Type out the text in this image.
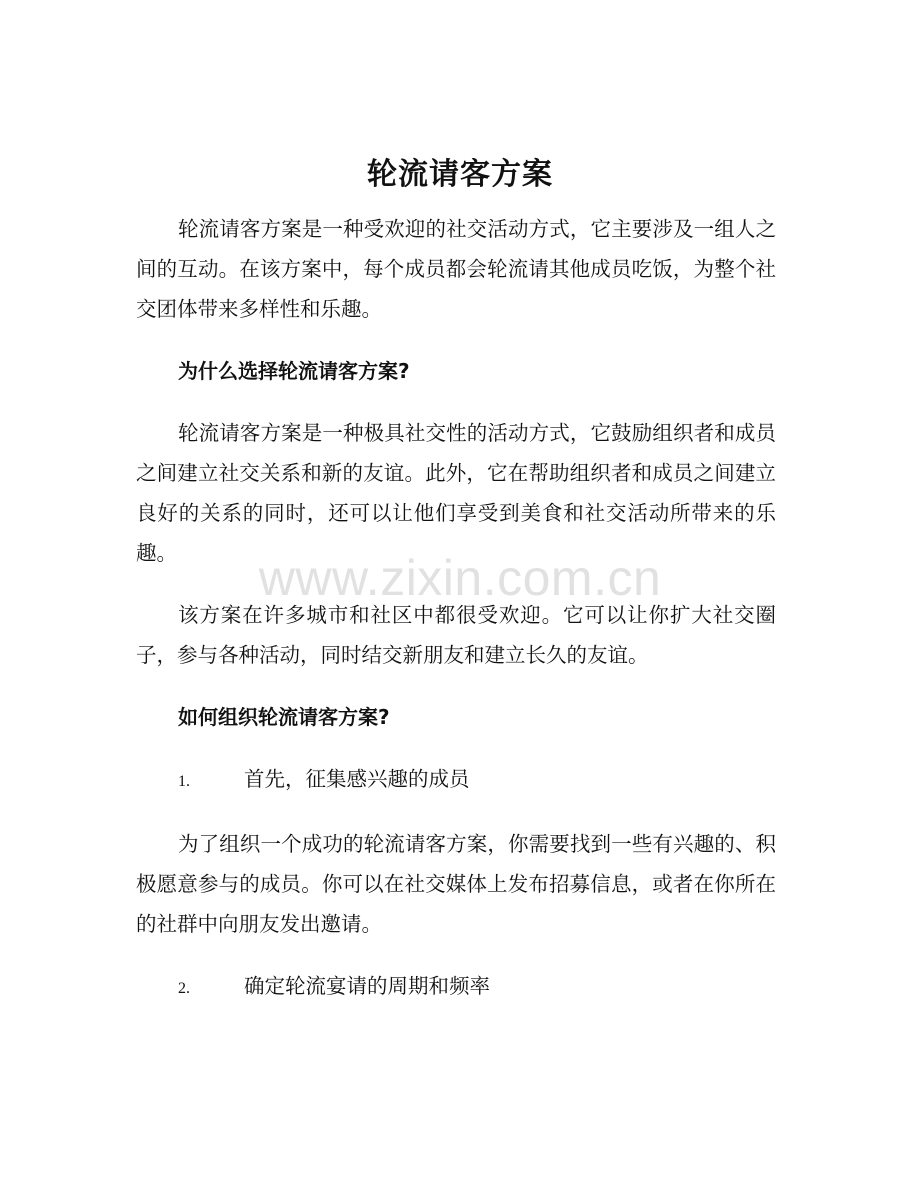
轮流请客方案

轮流请客方案是一种受欢迎的社交活动方式，它主要涉及一组人之间的互动。在该方案中，每个成员都会轮流请其他成员吃饭，为整个社交团体带来多样性和乐趣。

为什么选择轮流请客方案?

轮流请客方案是一种极具社交性的活动方式，它鼓励组织者和成员之间建立社交关系和新的友谊。此外，它在帮助组织者和成员之间建立良好的关系的同时，还可以让他们享受到美食和社交活动所带来的乐趣。

该方案在许多城市和社区中都很受欢迎。它可以让你扩大社交圈子，参与各种活动，同时结交新朋友和建立长久的友谊。

如何组织轮流请客方案?
1.	首先，征集感兴趣的成员

为了组织一个成功的轮流请客方案，你需要找到一些有兴趣的、积极愿意参与的成员。你可以在社交媒体上发布招募信息，或者在你所在的社群中向朋友发出邀请。

2.	确定轮流宴请的周期和频率
www.zixin.com.cn
